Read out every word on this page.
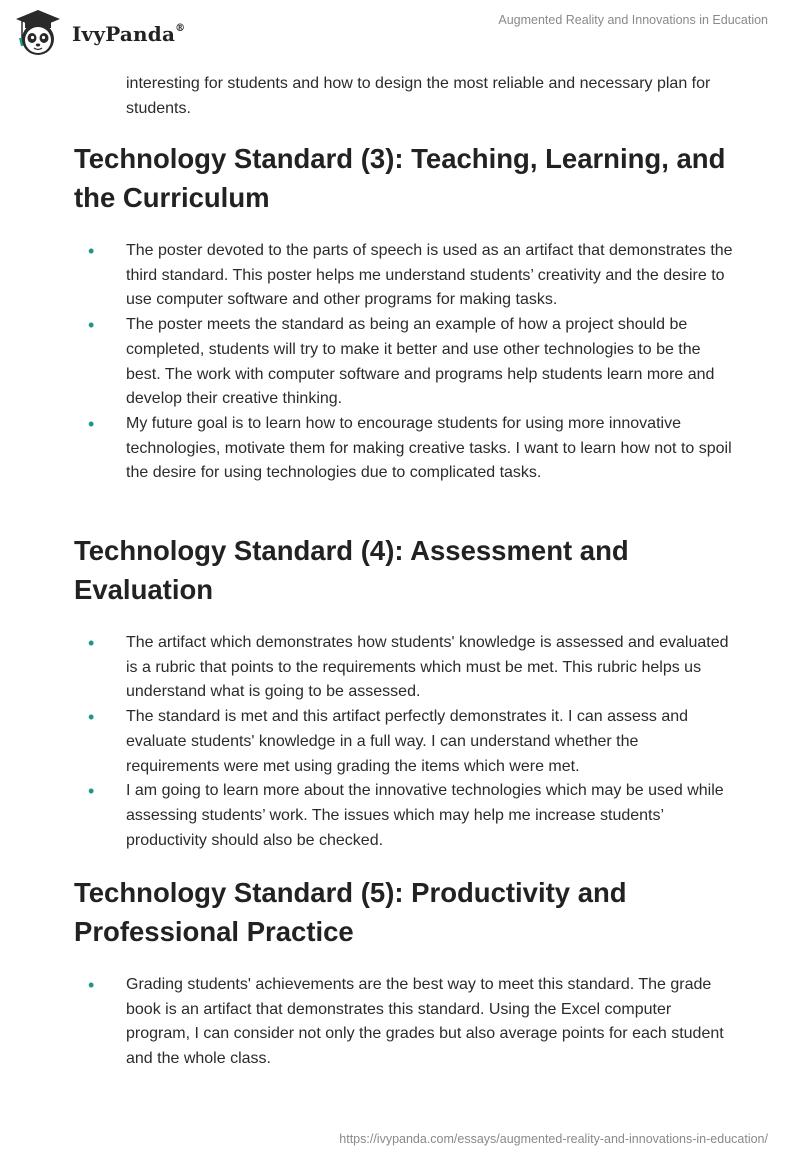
IvyPanda®
Augmented Reality and Innovations in Education

interesting for students and how to design the most reliable and necessary plan for students.

Technology Standard (3): Teaching, Learning, and the Curriculum
• The poster devoted to the parts of speech is used as an artifact that demonstrates the third standard. This poster helps me understand students’ creativity and the desire to use computer software and other programs for making tasks.
• The poster meets the standard as being an example of how a project should be completed, students will try to make it better and use other technologies to be the best. The work with computer software and programs help students learn more and develop their creative thinking.
• My future goal is to learn how to encourage students for using more innovative technologies, motivate them for making creative tasks. I want to learn how not to spoil the desire for using technologies due to complicated tasks.
Technology Standard (4): Assessment and Evaluation
• The artifact which demonstrates how students' knowledge is assessed and evaluated is a rubric that points to the requirements which must be met. This rubric helps us understand what is going to be assessed.
• The standard is met and this artifact perfectly demonstrates it. I can assess and evaluate students' knowledge in a full way. I can understand whether the requirements were met using grading the items which were met.
• I am going to learn more about the innovative technologies which may be used while assessing students’ work. The issues which may help me increase students’ productivity should also be checked.
Technology Standard (5): Productivity and Professional Practice
• Grading students' achievements are the best way to meet this standard. The grade book is an artifact that demonstrates this standard. Using the Excel computer program, I can consider not only the grades but also average points for each student and the whole class.
https://ivypanda.com/essays/augmented-reality-and-innovations-in-education/
